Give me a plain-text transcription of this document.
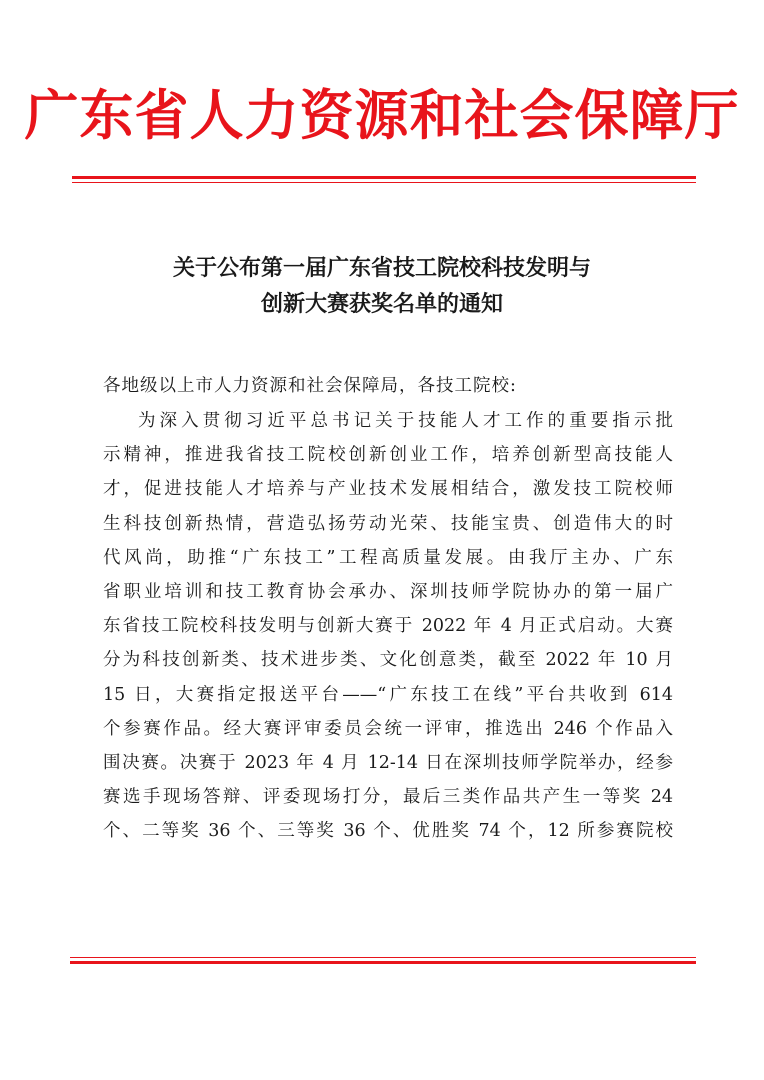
广东省人力资源和社会保障厅
关于公布第一届广东省技工院校科技发明与
创新大赛获奖名单的通知
各地级以上市人力资源和社会保障局，各技工院校:
为深入贯彻习近平总书记关于技能人才工作的重要指示批
示精神，推进我省技工院校创新创业工作，培养创新型高技能人
才，促进技能人才培养与产业技术发展相结合，激发技工院校师
生科技创新热情，营造弘扬劳动光荣、技能宝贵、创造伟大的时
代风尚，助推“广东技工”工程高质量发展。由我厅主办、广东
省职业培训和技工教育协会承办、深圳技师学院协办的第一届广
东省技工院校科技发明与创新大赛于 2022 年 4 月正式启动。大赛
分为科技创新类、技术进步类、文化创意类，截至 2022 年 10 月
15 日，大赛指定报送平台——“广东技工在线”平台共收到 614
个参赛作品。经大赛评审委员会统一评审，推选出 246 个作品入
围决赛。决赛于 2023 年 4 月 12-14 日在深圳技师学院举办，经参
赛选手现场答辩、评委现场打分，最后三类作品共产生一等奖 24
个、二等奖 36 个、三等奖 36 个、优胜奖 74 个，12 所参赛院校
